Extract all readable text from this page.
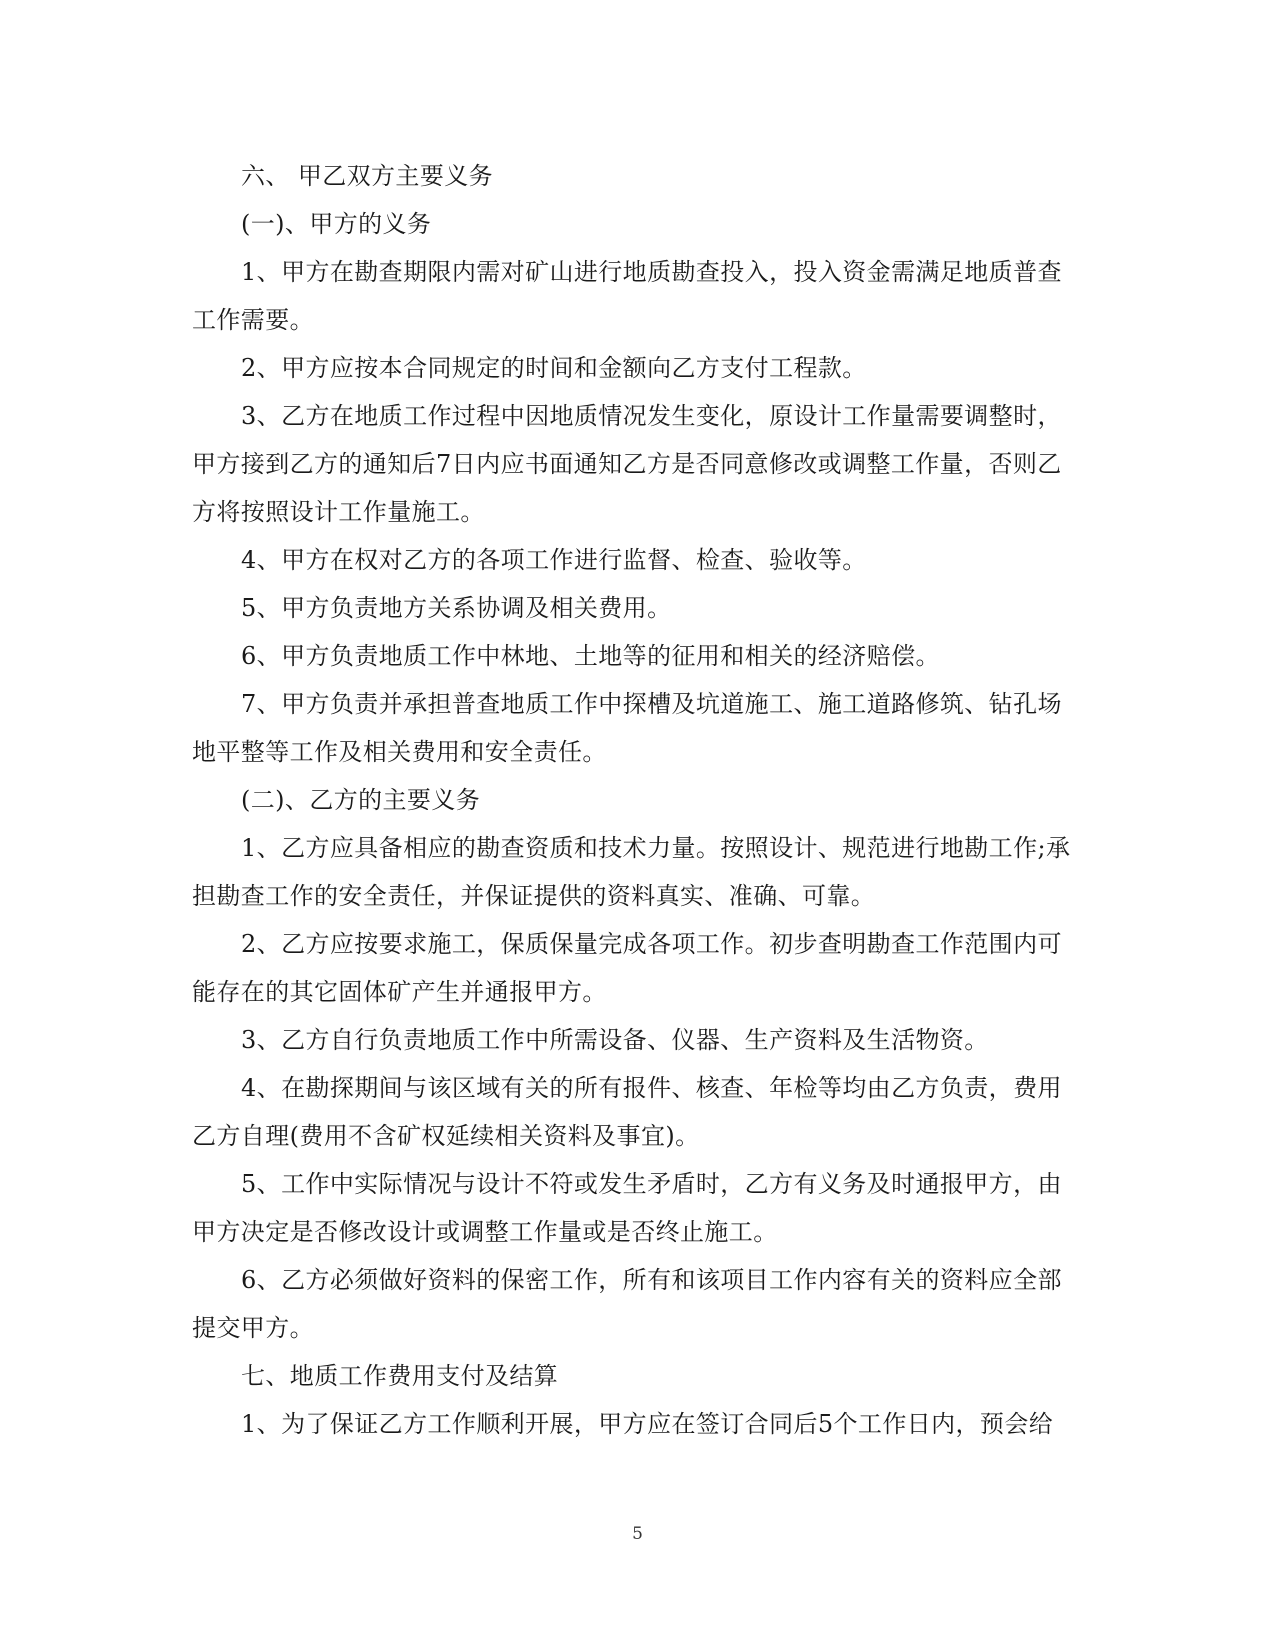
六、 甲乙双方主要义务

(一)、甲方的义务

1、甲方在勘查期限内需对矿山进行地质勘查投入，投入资金需满足地质普查工作需要。

2、甲方应按本合同规定的时间和金额向乙方支付工程款。

3、乙方在地质工作过程中因地质情况发生变化，原设计工作量需要调整时，甲方接到乙方的通知后7日内应书面通知乙方是否同意修改或调整工作量，否则乙方将按照设计工作量施工。

4、甲方在权对乙方的各项工作进行监督、检查、验收等。

5、甲方负责地方关系协调及相关费用。

6、甲方负责地质工作中林地、土地等的征用和相关的经济赔偿。

7、甲方负责并承担普查地质工作中探槽及坑道施工、施工道路修筑、钻孔场地平整等工作及相关费用和安全责任。

(二)、乙方的主要义务

1、乙方应具备相应的勘查资质和技术力量。按照设计、规范进行地勘工作;承担勘查工作的安全责任，并保证提供的资料真实、准确、可靠。

2、乙方应按要求施工，保质保量完成各项工作。初步查明勘查工作范围内可能存在的其它固体矿产生并通报甲方。

3、乙方自行负责地质工作中所需设备、仪器、生产资料及生活物资。

4、在勘探期间与该区域有关的所有报件、核查、年检等均由乙方负责，费用乙方自理(费用不含矿权延续相关资料及事宜)。

5、工作中实际情况与设计不符或发生矛盾时，乙方有义务及时通报甲方，由甲方决定是否修改设计或调整工作量或是否终止施工。

6、乙方必须做好资料的保密工作，所有和该项目工作内容有关的资料应全部提交甲方。

七、地质工作费用支付及结算

1、为了保证乙方工作顺利开展，甲方应在签订合同后5个工作日内，预会给

5
